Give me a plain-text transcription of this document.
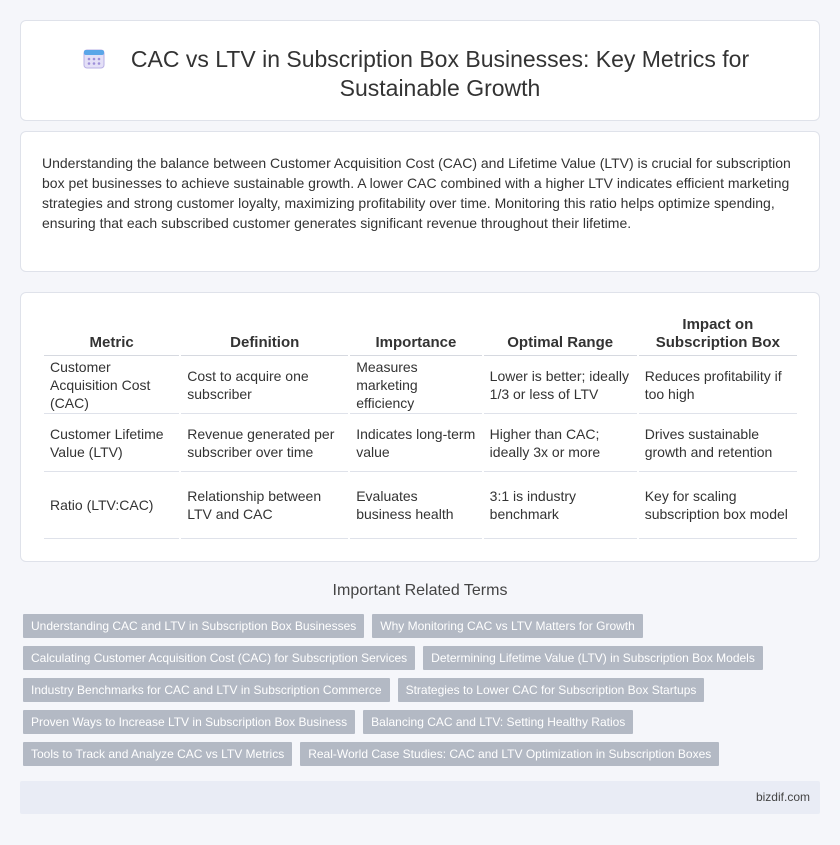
CAC vs LTV in Subscription Box Businesses: Key Metrics for Sustainable Growth

Understanding the balance between Customer Acquisition Cost (CAC) and Lifetime Value (LTV) is crucial for subscription box pet businesses to achieve sustainable growth. A lower CAC combined with a higher LTV indicates efficient marketing strategies and strong customer loyalty, maximizing profitability over time. Monitoring this ratio helps optimize spending, ensuring that each subscribed customer generates significant revenue throughout their lifetime.

Metric	Definition	Importance	Optimal Range	Impact on Subscription Box
Customer Acquisition Cost (CAC)	Cost to acquire one subscriber	Measures marketing efficiency	Lower is better; ideally 1/3 or less of LTV	Reduces profitability if too high
Customer Lifetime Value (LTV)	Revenue generated per subscriber over time	Indicates long-term value	Higher than CAC; ideally 3x or more	Drives sustainable growth and retention
Ratio (LTV:CAC)	Relationship between LTV and CAC	Evaluates business health	3:1 is industry benchmark	Key for scaling subscription box model
Important Related Terms
Understanding CAC and LTV in Subscription Box Businesses	Why Monitoring CAC vs LTV Matters for Growth
Calculating Customer Acquisition Cost (CAC) for Subscription Services	Determining Lifetime Value (LTV) in Subscription Box Models
Industry Benchmarks for CAC and LTV in Subscription Commerce	Strategies to Lower CAC for Subscription Box Startups
Proven Ways to Increase LTV in Subscription Box Business	Balancing CAC and LTV: Setting Healthy Ratios
Tools to Track and Analyze CAC vs LTV Metrics	Real-World Case Studies: CAC and LTV Optimization in Subscription Boxes
bizdif.com
